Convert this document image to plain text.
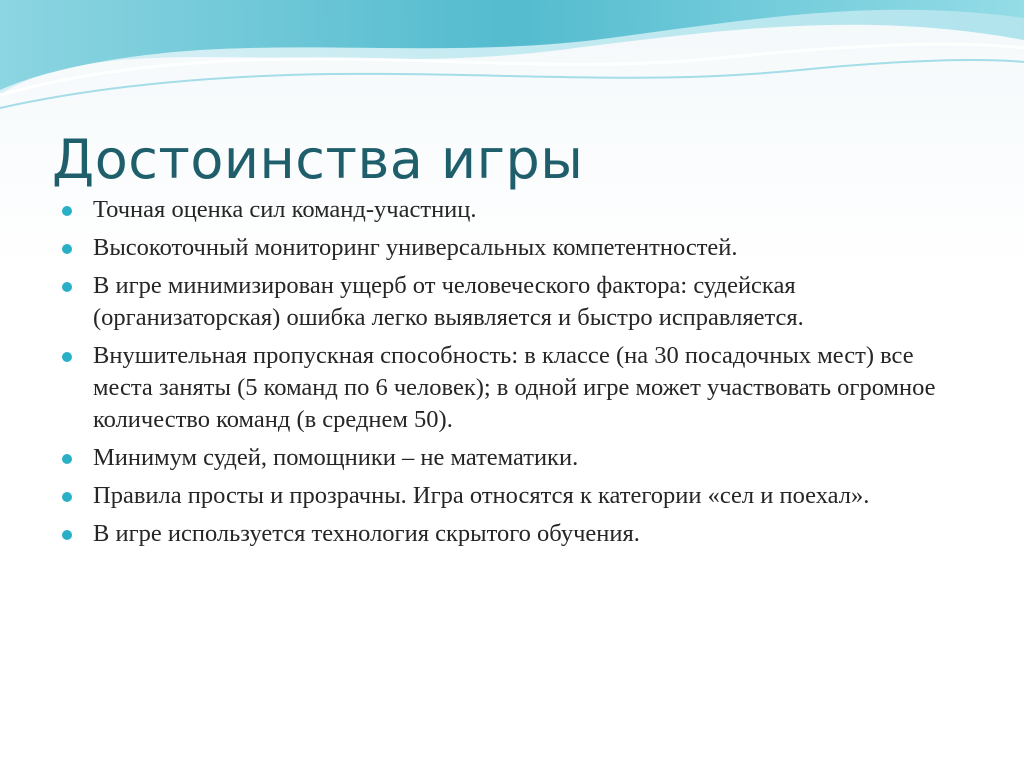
Достоинства игры
Точная оценка сил команд-участниц.
Высокоточный мониторинг универсальных компетентностей.
В игре минимизирован ущерб от человеческого фактора: судейская (организаторская) ошибка легко выявляется и быстро исправляется.
Внушительная пропускная способность: в классе (на 30 посадочных мест) все места заняты (5 команд по 6 человек); в одной игре может участвовать огромное количество команд (в среднем 50).
Минимум судей, помощники – не математики.
Правила просты и прозрачны. Игра относятся к категории «сел и поехал».
В игре используется технология скрытого обучения.
